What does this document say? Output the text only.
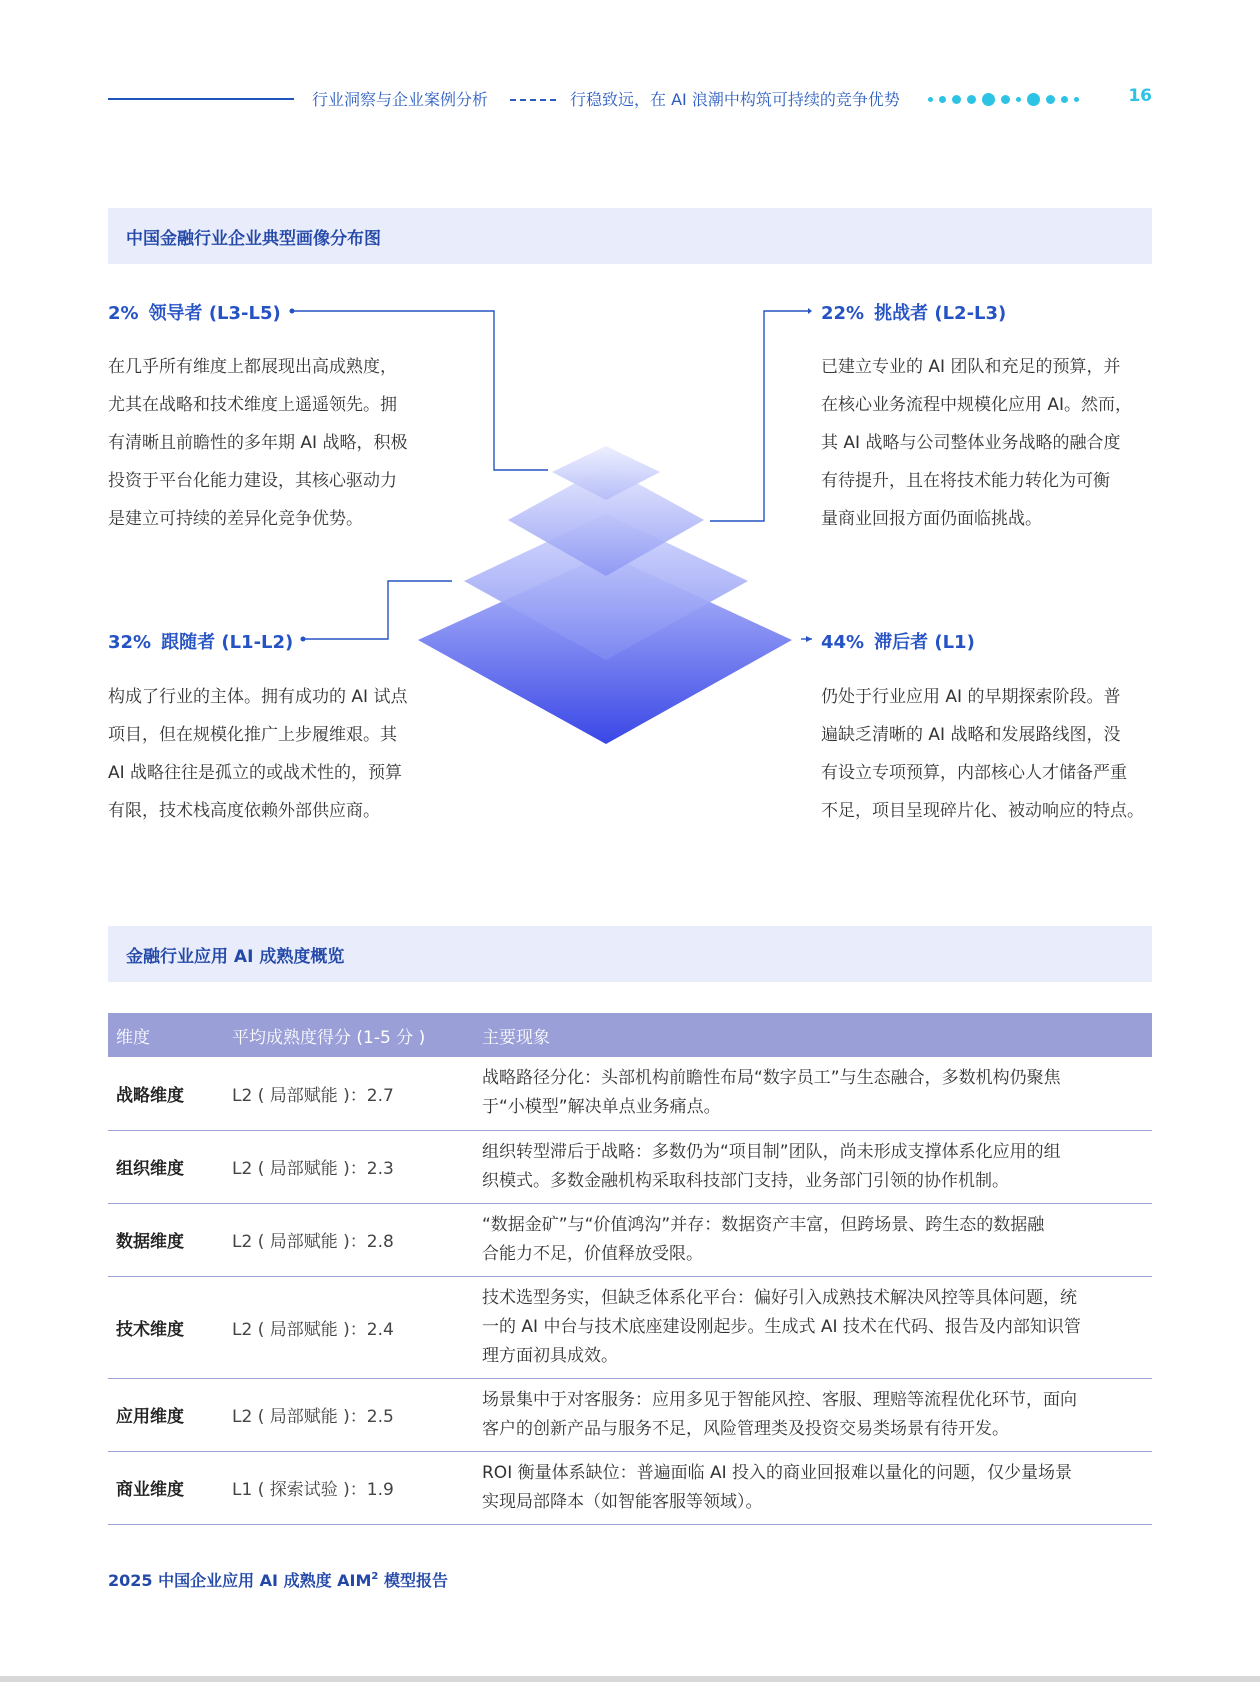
行业洞察与企业案例分析	行稳致远，在 AI 浪潮中构筑可持续的竞争优势	16
中国金融行业企业典型画像分布图
2% 领导者 (L3-L5)
在几乎所有维度上都展现出高成熟度，
尤其在战略和技术维度上遥遥领先。拥
有清晰且前瞻性的多年期 AI 战略，积极
投资于平台化能力建设，其核心驱动力
是建立可持续的差异化竞争优势。
22% 挑战者 (L2-L3)
已建立专业的 AI 团队和充足的预算，并
在核心业务流程中规模化应用 AI。然而，
其 AI 战略与公司整体业务战略的融合度
有待提升，且在将技术能力转化为可衡
量商业回报方面仍面临挑战。
32% 跟随者 (L1-L2)
构成了行业的主体。拥有成功的 AI 试点
项目，但在规模化推广上步履维艰。其
AI 战略往往是孤立的或战术性的，预算
有限，技术栈高度依赖外部供应商。
44% 滞后者 (L1)
仍处于行业应用 AI 的早期探索阶段。普
遍缺乏清晰的 AI 战略和发展路线图，没
有设立专项预算，内部核心人才储备严重
不足，项目呈现碎片化、被动响应的特点。
金融行业应用 AI 成熟度概览
维度	平均成熟度得分 (1-5 分 )	主要现象
战略维度	L2 ( 局部赋能 )：2.7	战略路径分化：头部机构前瞻性布局“数字员工”与生态融合，多数机构仍聚焦
于“小模型”解决单点业务痛点。

组织维度	L2 ( 局部赋能 )：2.3	组织转型滞后于战略：多数仍为“项目制”团队，尚未形成支撑体系化应用的组
织模式。多数金融机构采取科技部门支持，业务部门引领的协作机制。

数据维度	L2 ( 局部赋能 )：2.8	“数据金矿”与“价值鸿沟”并存：数据资产丰富，但跨场景、跨生态的数据融
合能力不足，价值释放受限。

技术维度	L2 ( 局部赋能 )：2.4	技术选型务实，但缺乏体系化平台：偏好引入成熟技术解决风控等具体问题，统
一的 AI 中台与技术底座建设刚起步。生成式 AI 技术在代码、报告及内部知识管
理方面初具成效。

应用维度	L2 ( 局部赋能 )：2.5	场景集中于对客服务：应用多见于智能风控、客服、理赔等流程优化环节，面向
客户的创新产品与服务不足，风险管理类及投资交易类场景有待开发。

商业维度	L1 ( 探索试验 )：1.9	ROI 衡量体系缺位：普遍面临 AI 投入的商业回报难以量化的问题，仅少量场景
实现局部降本（如智能客服等领域）。
2025 中国企业应用 AI 成熟度 AIM$^2$ 模型报告
